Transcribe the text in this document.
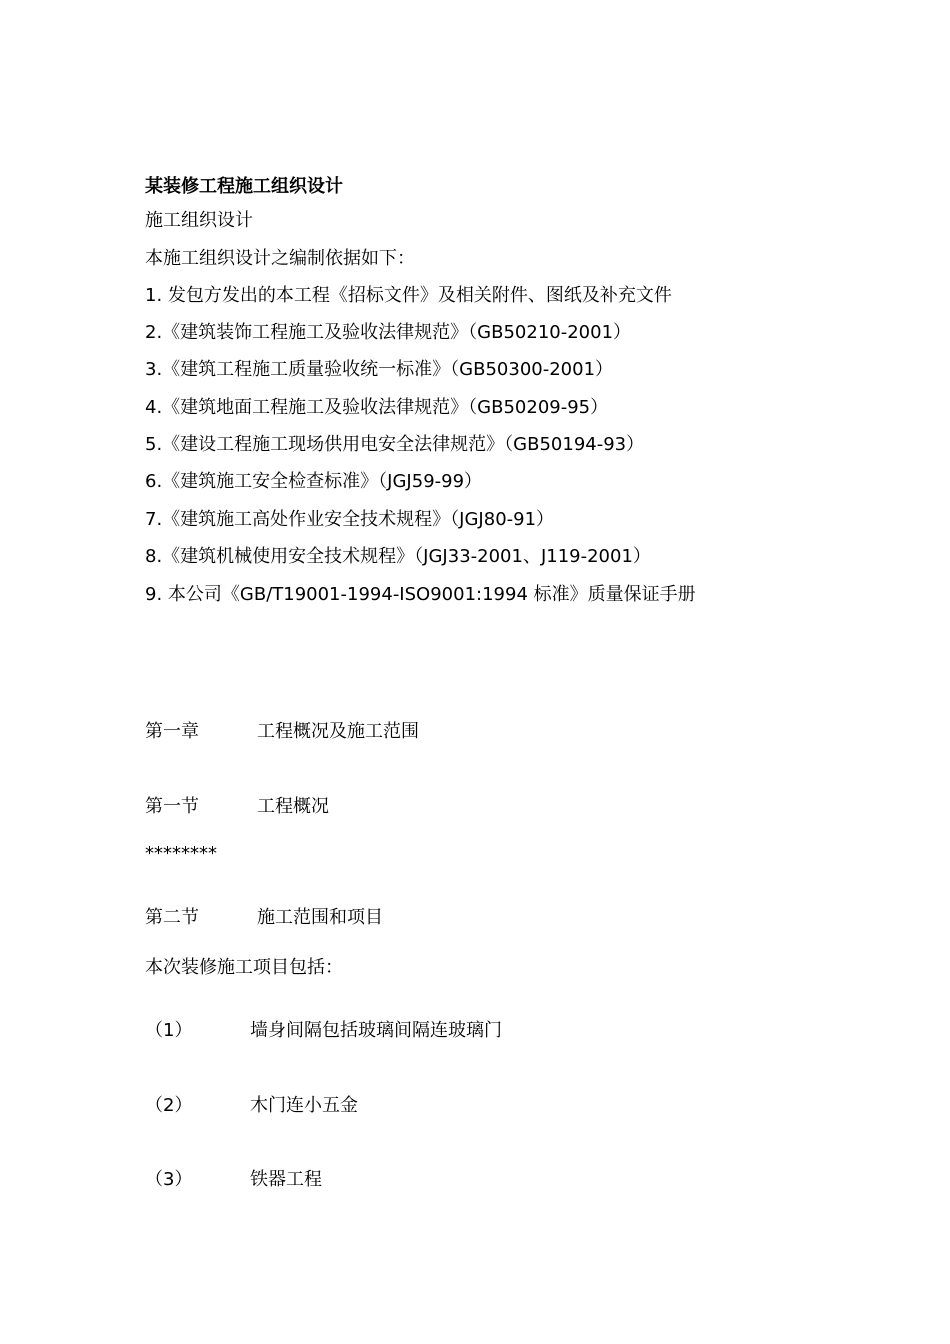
某装修工程施工组织设计
施工组织设计
本施工组织设计之编制依据如下：
1. 发包方发出的本工程《招标文件》及相关附件、图纸及补充文件
2.《建筑装饰工程施工及验收法律规范》（GB50210-2001）
3.《建筑工程施工质量验收统一标准》（GB50300-2001）
4.《建筑地面工程施工及验收法律规范》（GB50209-95）
5.《建设工程施工现场供用电安全法律规范》（GB50194-93）
6.《建筑施工安全检查标准》（JGJ59-99）
7.《建筑施工高处作业安全技术规程》（JGJ80-91）
8.《建筑机械使用安全技术规程》（JGJ33-2001、J119-2001）
9. 本公司《GB/T19001-1994-ISO9001:1994 标准》质量保证手册
第一章	工程概况及施工范围
第一节	工程概况
********
第二节	施工范围和项目
本次装修施工项目包括：
（1）	墙身间隔包括玻璃间隔连玻璃门
（2）	木门连小五金
（3）	铁器工程
